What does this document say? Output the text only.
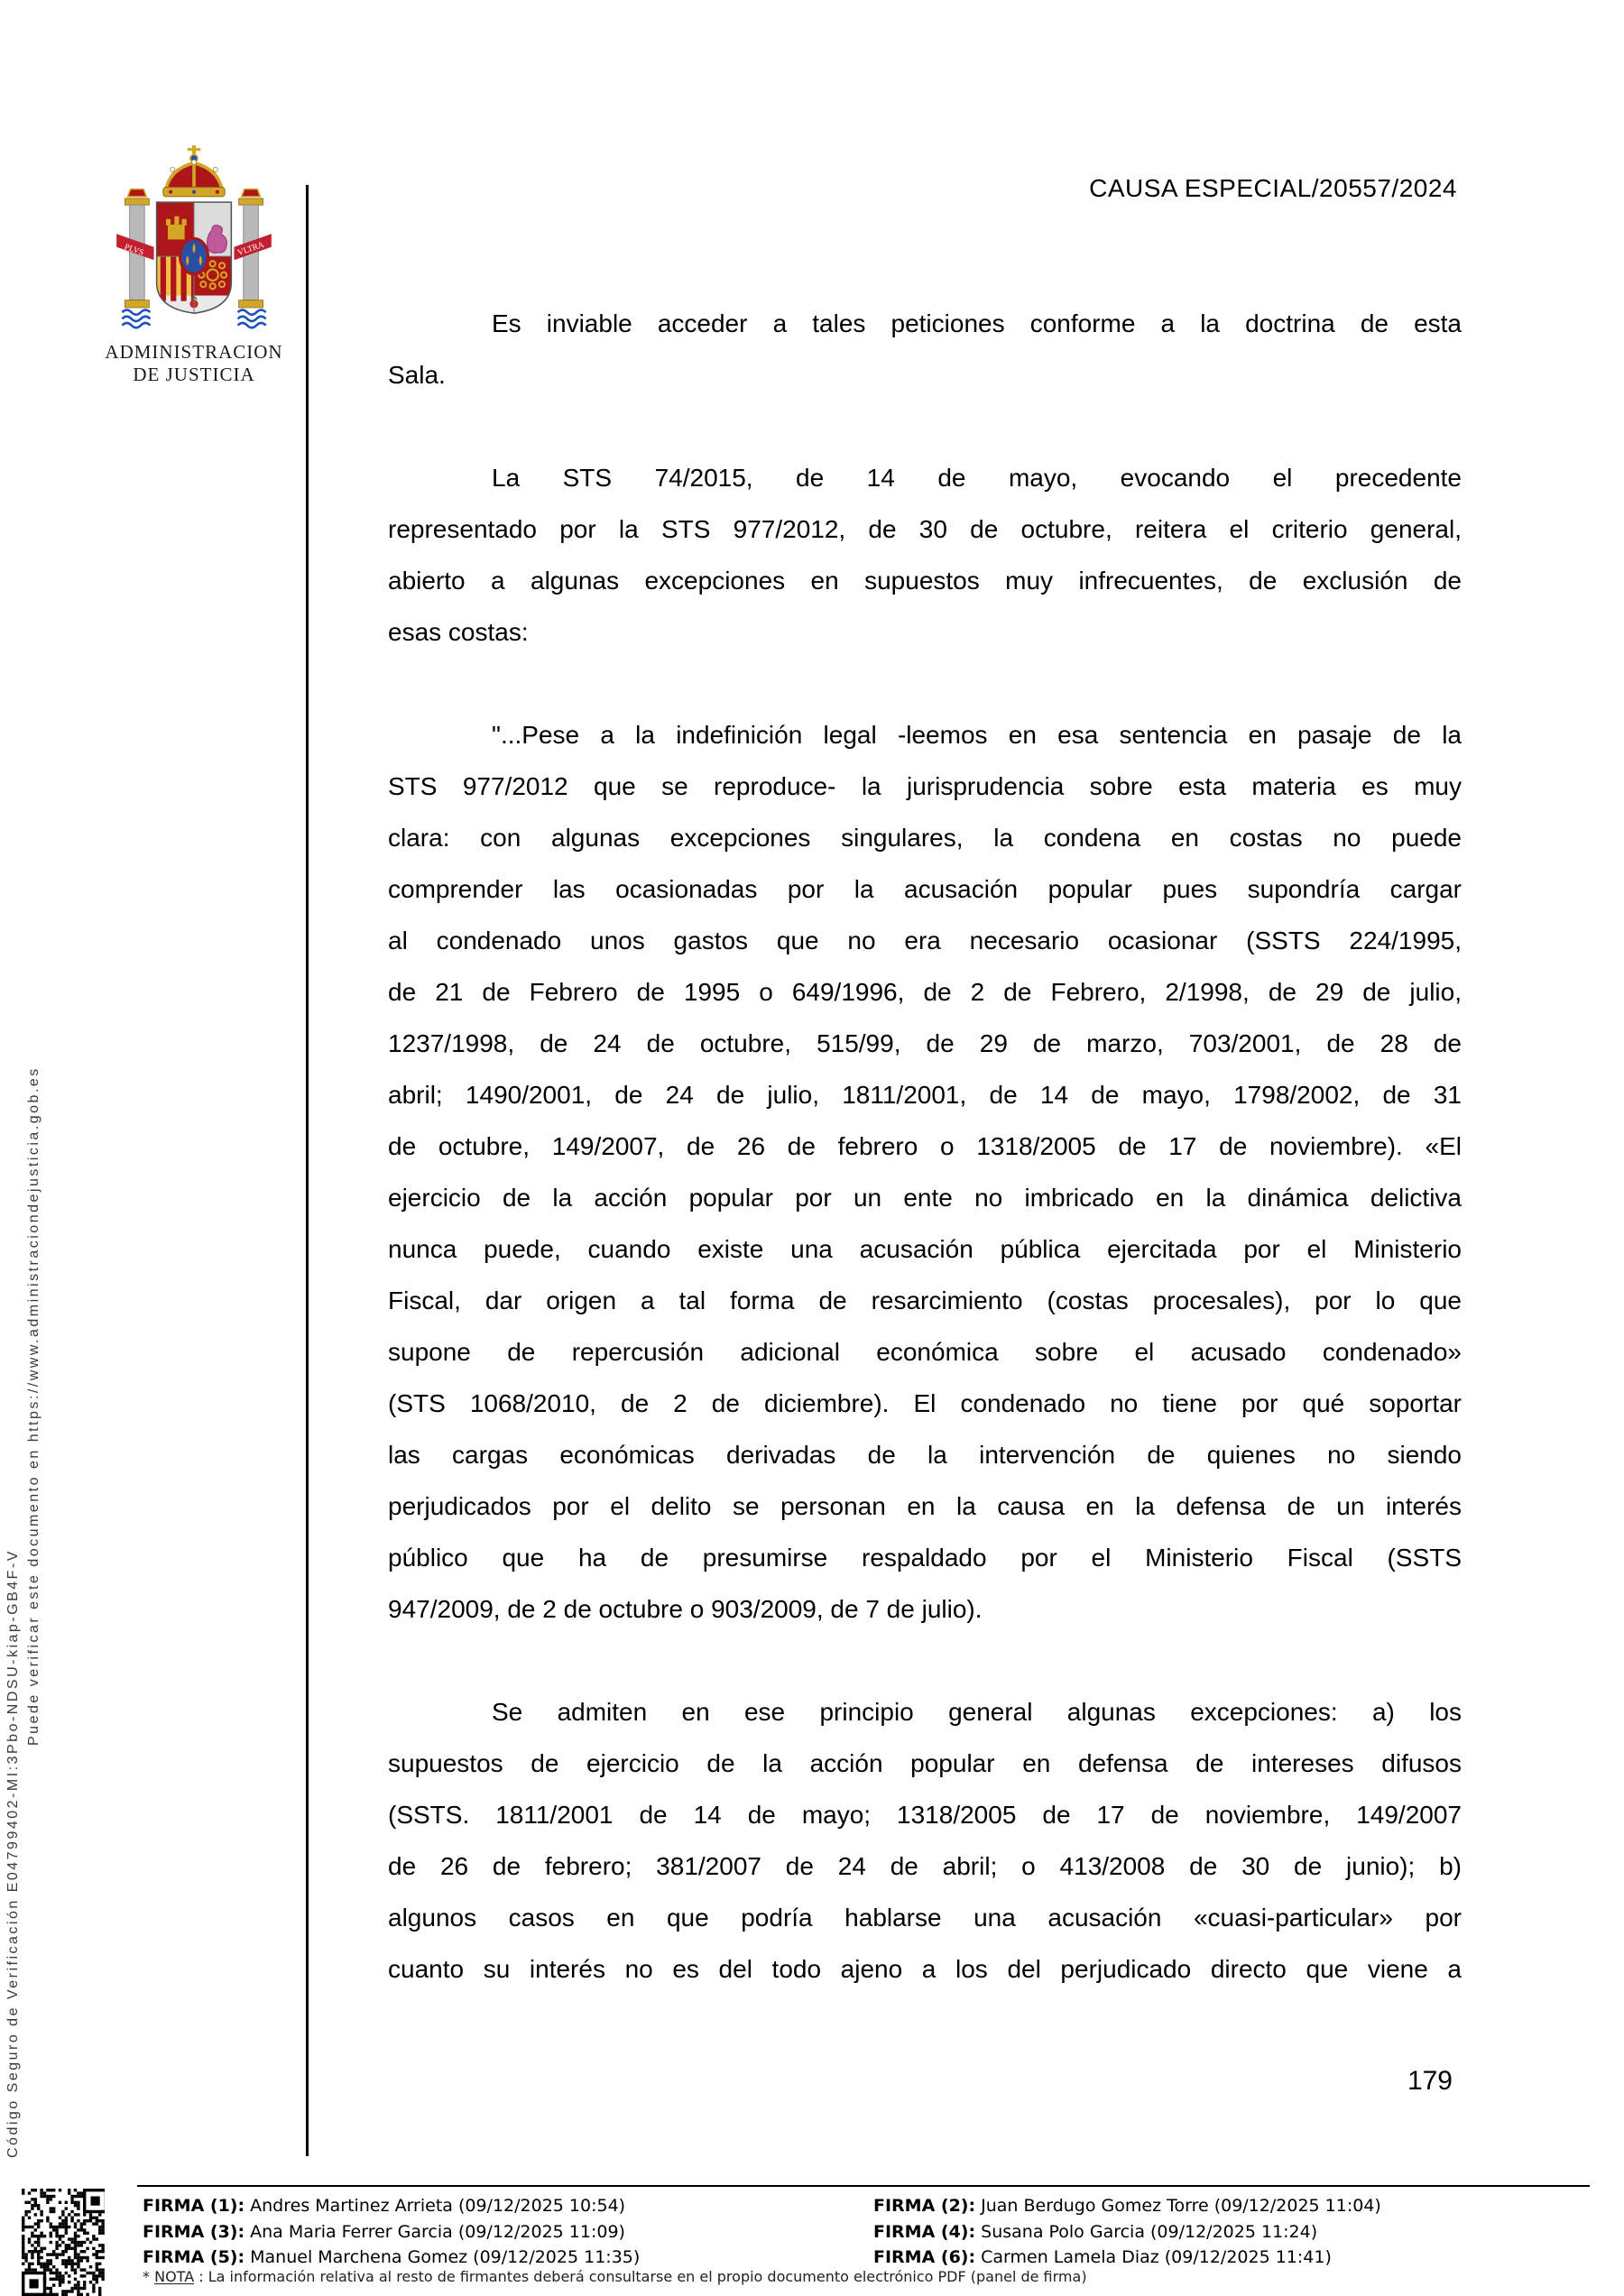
CAUSA ESPECIAL/20557/2024
PLVS	VLTRA
ADMINISTRACION
DE JUSTICIA
Código Seguro de Verificación E04799402-MI:3Pbo-NDSU-kiap-GB4F-V
Puede verificar este documento en https://www.administraciondejusticia.gob.es
Es inviable acceder a tales peticiones conforme a la doctrina de esta
Sala.
La STS 74/2015, de 14 de mayo, evocando el precedente
representado por la STS 977/2012, de 30 de octubre, reitera el criterio general,
abierto a algunas excepciones en supuestos muy infrecuentes, de exclusión de
esas costas:
"...Pese a la indefinición legal -leemos en esa sentencia en pasaje de la
STS 977/2012 que se reproduce- la jurisprudencia sobre esta materia es muy
clara: con algunas excepciones singulares, la condena en costas no puede
comprender las ocasionadas por la acusación popular pues supondría cargar
al condenado unos gastos que no era necesario ocasionar (SSTS 224/1995,
de 21 de Febrero de 1995 o 649/1996, de 2 de Febrero, 2/1998, de 29 de julio,
1237/1998, de 24 de octubre, 515/99, de 29 de marzo, 703/2001, de 28 de
abril; 1490/2001, de 24 de julio, 1811/2001, de 14 de mayo, 1798/2002, de 31
de octubre, 149/2007, de 26 de febrero o 1318/2005 de 17 de noviembre). «El
ejercicio de la acción popular por un ente no imbricado en la dinámica delictiva
nunca puede, cuando existe una acusación pública ejercitada por el Ministerio
Fiscal, dar origen a tal forma de resarcimiento (costas procesales), por lo que
supone de repercusión adicional económica sobre el acusado condenado»
(STS 1068/2010, de 2 de diciembre). El condenado no tiene por qué soportar
las cargas económicas derivadas de la intervención de quienes no siendo
perjudicados por el delito se personan en la causa en la defensa de un interés
público que ha de presumirse respaldado por el Ministerio Fiscal (SSTS
947/2009, de 2 de octubre o 903/2009, de 7 de julio).
Se admiten en ese principio general algunas excepciones: a) los
supuestos de ejercicio de la acción popular en defensa de intereses difusos
(SSTS. 1811/2001 de 14 de mayo; 1318/2005 de 17 de noviembre, 149/2007
de 26 de febrero; 381/2007 de 24 de abril; o 413/2008 de 30 de junio); b)
algunos casos en que podría hablarse una acusación «cuasi-particular» por
cuanto su interés no es del todo ajeno a los del perjudicado directo que viene a
179
FIRMA (1): Andres Martinez Arrieta (09/12/2025 10:54)
FIRMA (3): Ana Maria Ferrer Garcia (09/12/2025 11:09)
FIRMA (5): Manuel Marchena Gomez (09/12/2025 11:35)
FIRMA (2): Juan Berdugo Gomez Torre (09/12/2025 11:04)
FIRMA (4): Susana Polo Garcia (09/12/2025 11:24)
FIRMA (6): Carmen Lamela Diaz (09/12/2025 11:41)
* NOTA : La información relativa al resto de firmantes deberá consultarse en el propio documento electrónico PDF (panel de firma)
